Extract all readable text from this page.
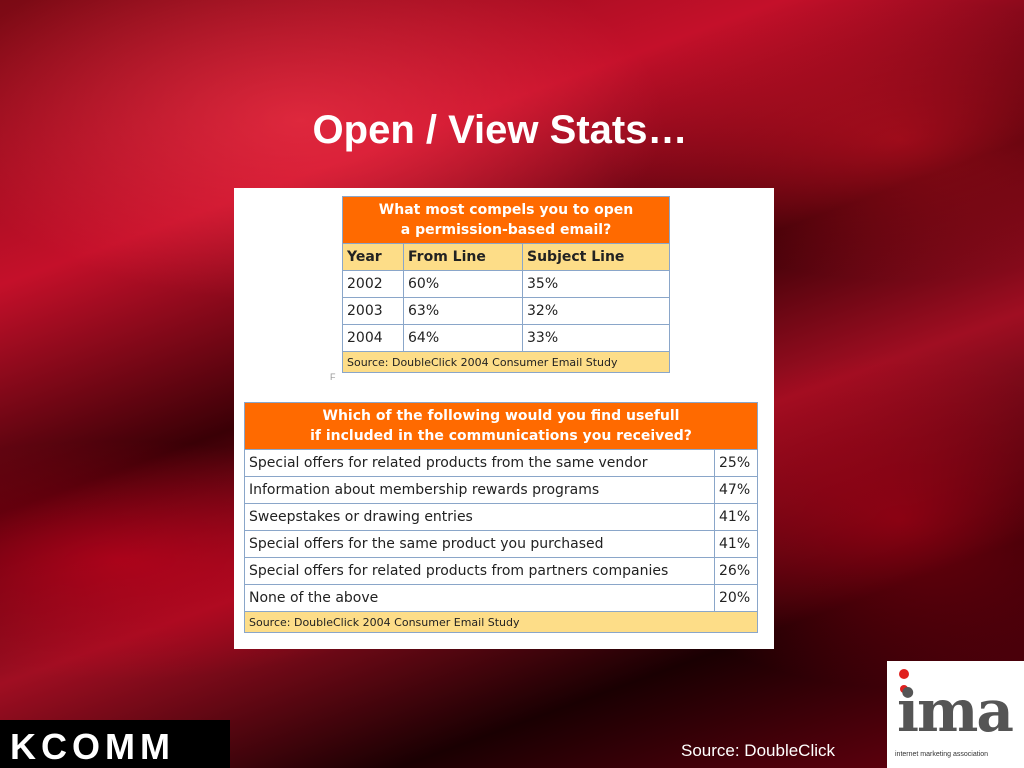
Open / View Stats…
What most compels you to open
a permission-based email?		

Year	From Line	Subject Line
2002	60%	35%
2003	63%	32%
2004	64%	33%
Source: DoubleClick 2004 Consumer Email Study		
F
Which of the following would you find usefull
if included in the communications you received?	

Special offers for related products from the same vendor	25%
Information about membership rewards programs	47%
Sweepstakes or drawing entries	41%
Special offers for the same product you purchased	41%
Special offers for related products from partners companies	26%
None of the above	20%
Source: DoubleClick 2004 Consumer Email Study	
KCOMM	Source: DoubleClick
ima
internet marketing association
